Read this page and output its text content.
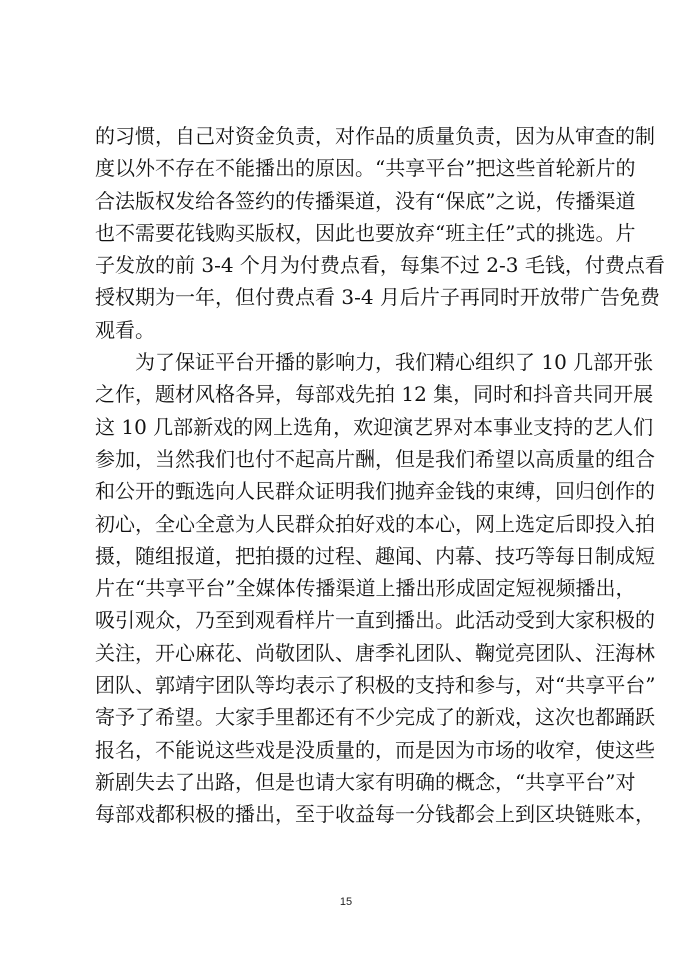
的习惯，自己对资金负责，对作品的质量负责，因为从审查的制
度以外不存在不能播出的原因。“共享平台”把这些首轮新片的
合法版权发给各签约的传播渠道，没有“保底”之说，传播渠道
也不需要花钱购买版权，因此也要放弃“班主任”式的挑选。片
子发放的前 3-4 个月为付费点看，每集不过 2-3 毛钱，付费点看
授权期为一年，但付费点看 3-4 月后片子再同时开放带广告免费
观看。
为了保证平台开播的影响力，我们精心组织了 10 几部开张
之作，题材风格各异，每部戏先拍 12 集，同时和抖音共同开展
这 10 几部新戏的网上选角，欢迎演艺界对本事业支持的艺人们
参加，当然我们也付不起高片酬，但是我们希望以高质量的组合
和公开的甄选向人民群众证明我们抛弃金钱的束缚，回归创作的
初心，全心全意为人民群众拍好戏的本心，网上选定后即投入拍
摄，随组报道，把拍摄的过程、趣闻、内幕、技巧等每日制成短
片在“共享平台”全媒体传播渠道上播出形成固定短视频播出，
吸引观众，乃至到观看样片一直到播出。此活动受到大家积极的
关注，开心麻花、尚敬团队、唐季礼团队、鞠觉亮团队、汪海林
团队、郭靖宇团队等均表示了积极的支持和参与，对“共享平台”
寄予了希望。大家手里都还有不少完成了的新戏，这次也都踊跃
报名，不能说这些戏是没质量的，而是因为市场的收窄，使这些
新剧失去了出路，但是也请大家有明确的概念，“共享平台”对
每部戏都积极的播出，至于收益每一分钱都会上到区块链账本，
15
